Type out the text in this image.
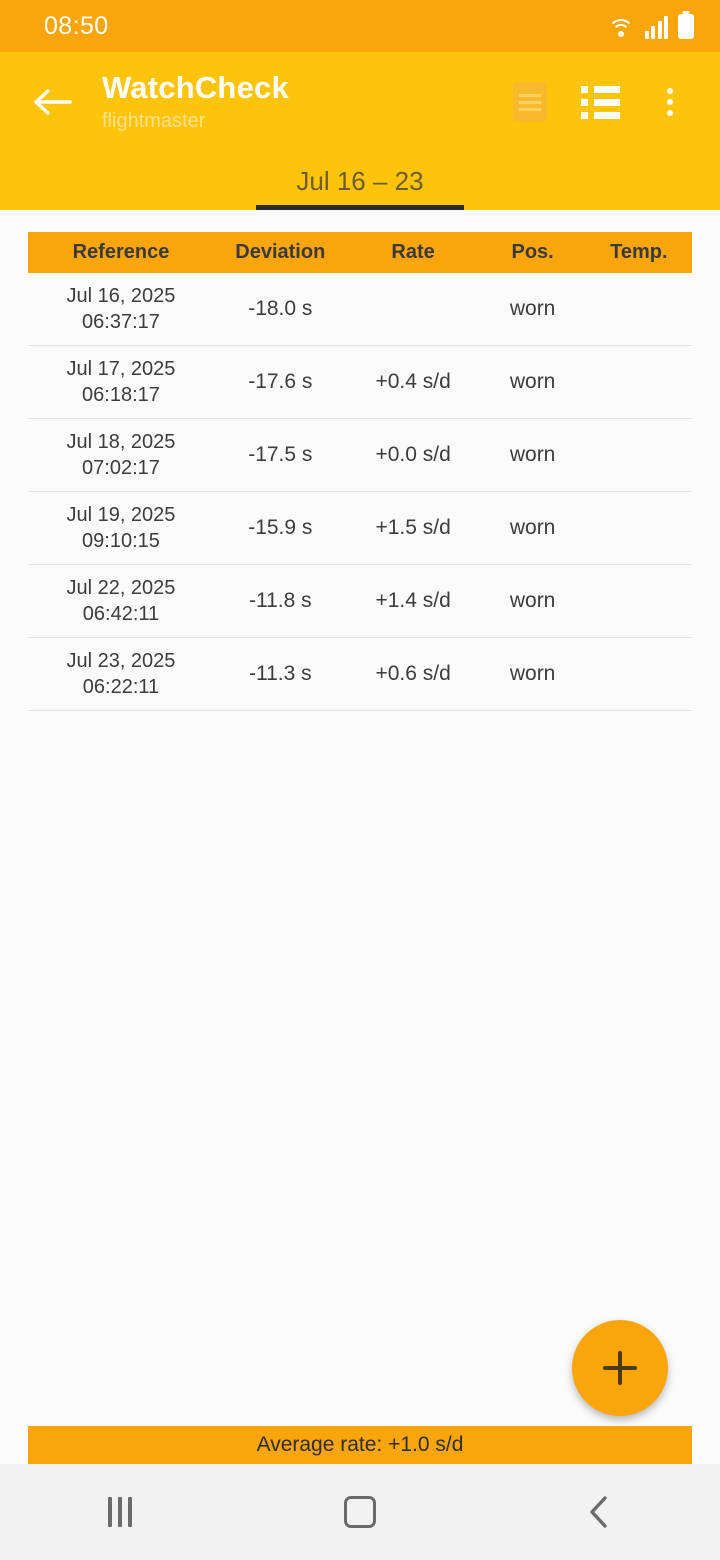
08:50
WatchCheck
flightmaster
Jul 16 – 23
Reference	Deviation	Rate	Pos.	Temp.

Jul 16, 2025
06:37:17	-18.0 s		worn	

Jul 17, 2025
06:18:17	-17.6 s	+0.4 s/d	worn	

Jul 18, 2025
07:02:17	-17.5 s	+0.0 s/d	worn	

Jul 19, 2025
09:10:15	-15.9 s	+1.5 s/d	worn	

Jul 22, 2025
06:42:11	-11.8 s	+1.4 s/d	worn	

Jul 23, 2025
06:22:11	-11.3 s	+0.6 s/d	worn	
Average rate: +1.0 s/d
